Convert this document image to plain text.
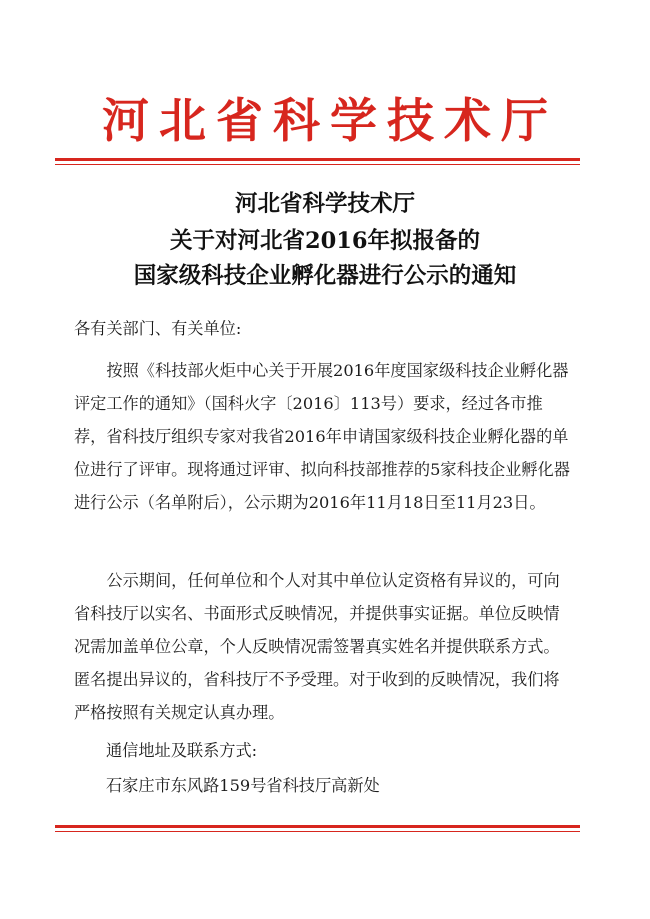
河北省科学技术厅
河北省科学技术厅
关于对河北省2016年拟报备的
国家级科技企业孵化器进行公示的通知
各有关部门、有关单位:
按照《科技部火炬中心关于开展2016年度国家级科技企业孵化器评定工作的通知》（国科火字〔2016〕113号）要求，经过各市推荐，省科技厅组织专家对我省2016年申请国家级科技企业孵化器的单位进行了评审。现将通过评审、拟向科技部推荐的5家科技企业孵化器进行公示（名单附后），公示期为2016年11月18日至11月23日。
公示期间，任何单位和个人对其中单位认定资格有异议的，可向省科技厅以实名、书面形式反映情况，并提供事实证据。单位反映情况需加盖单位公章，个人反映情况需签署真实姓名并提供联系方式。匿名提出异议的，省科技厅不予受理。对于收到的反映情况，我们将严格按照有关规定认真办理。
通信地址及联系方式:
石家庄市东风路159号省科技厅高新处
